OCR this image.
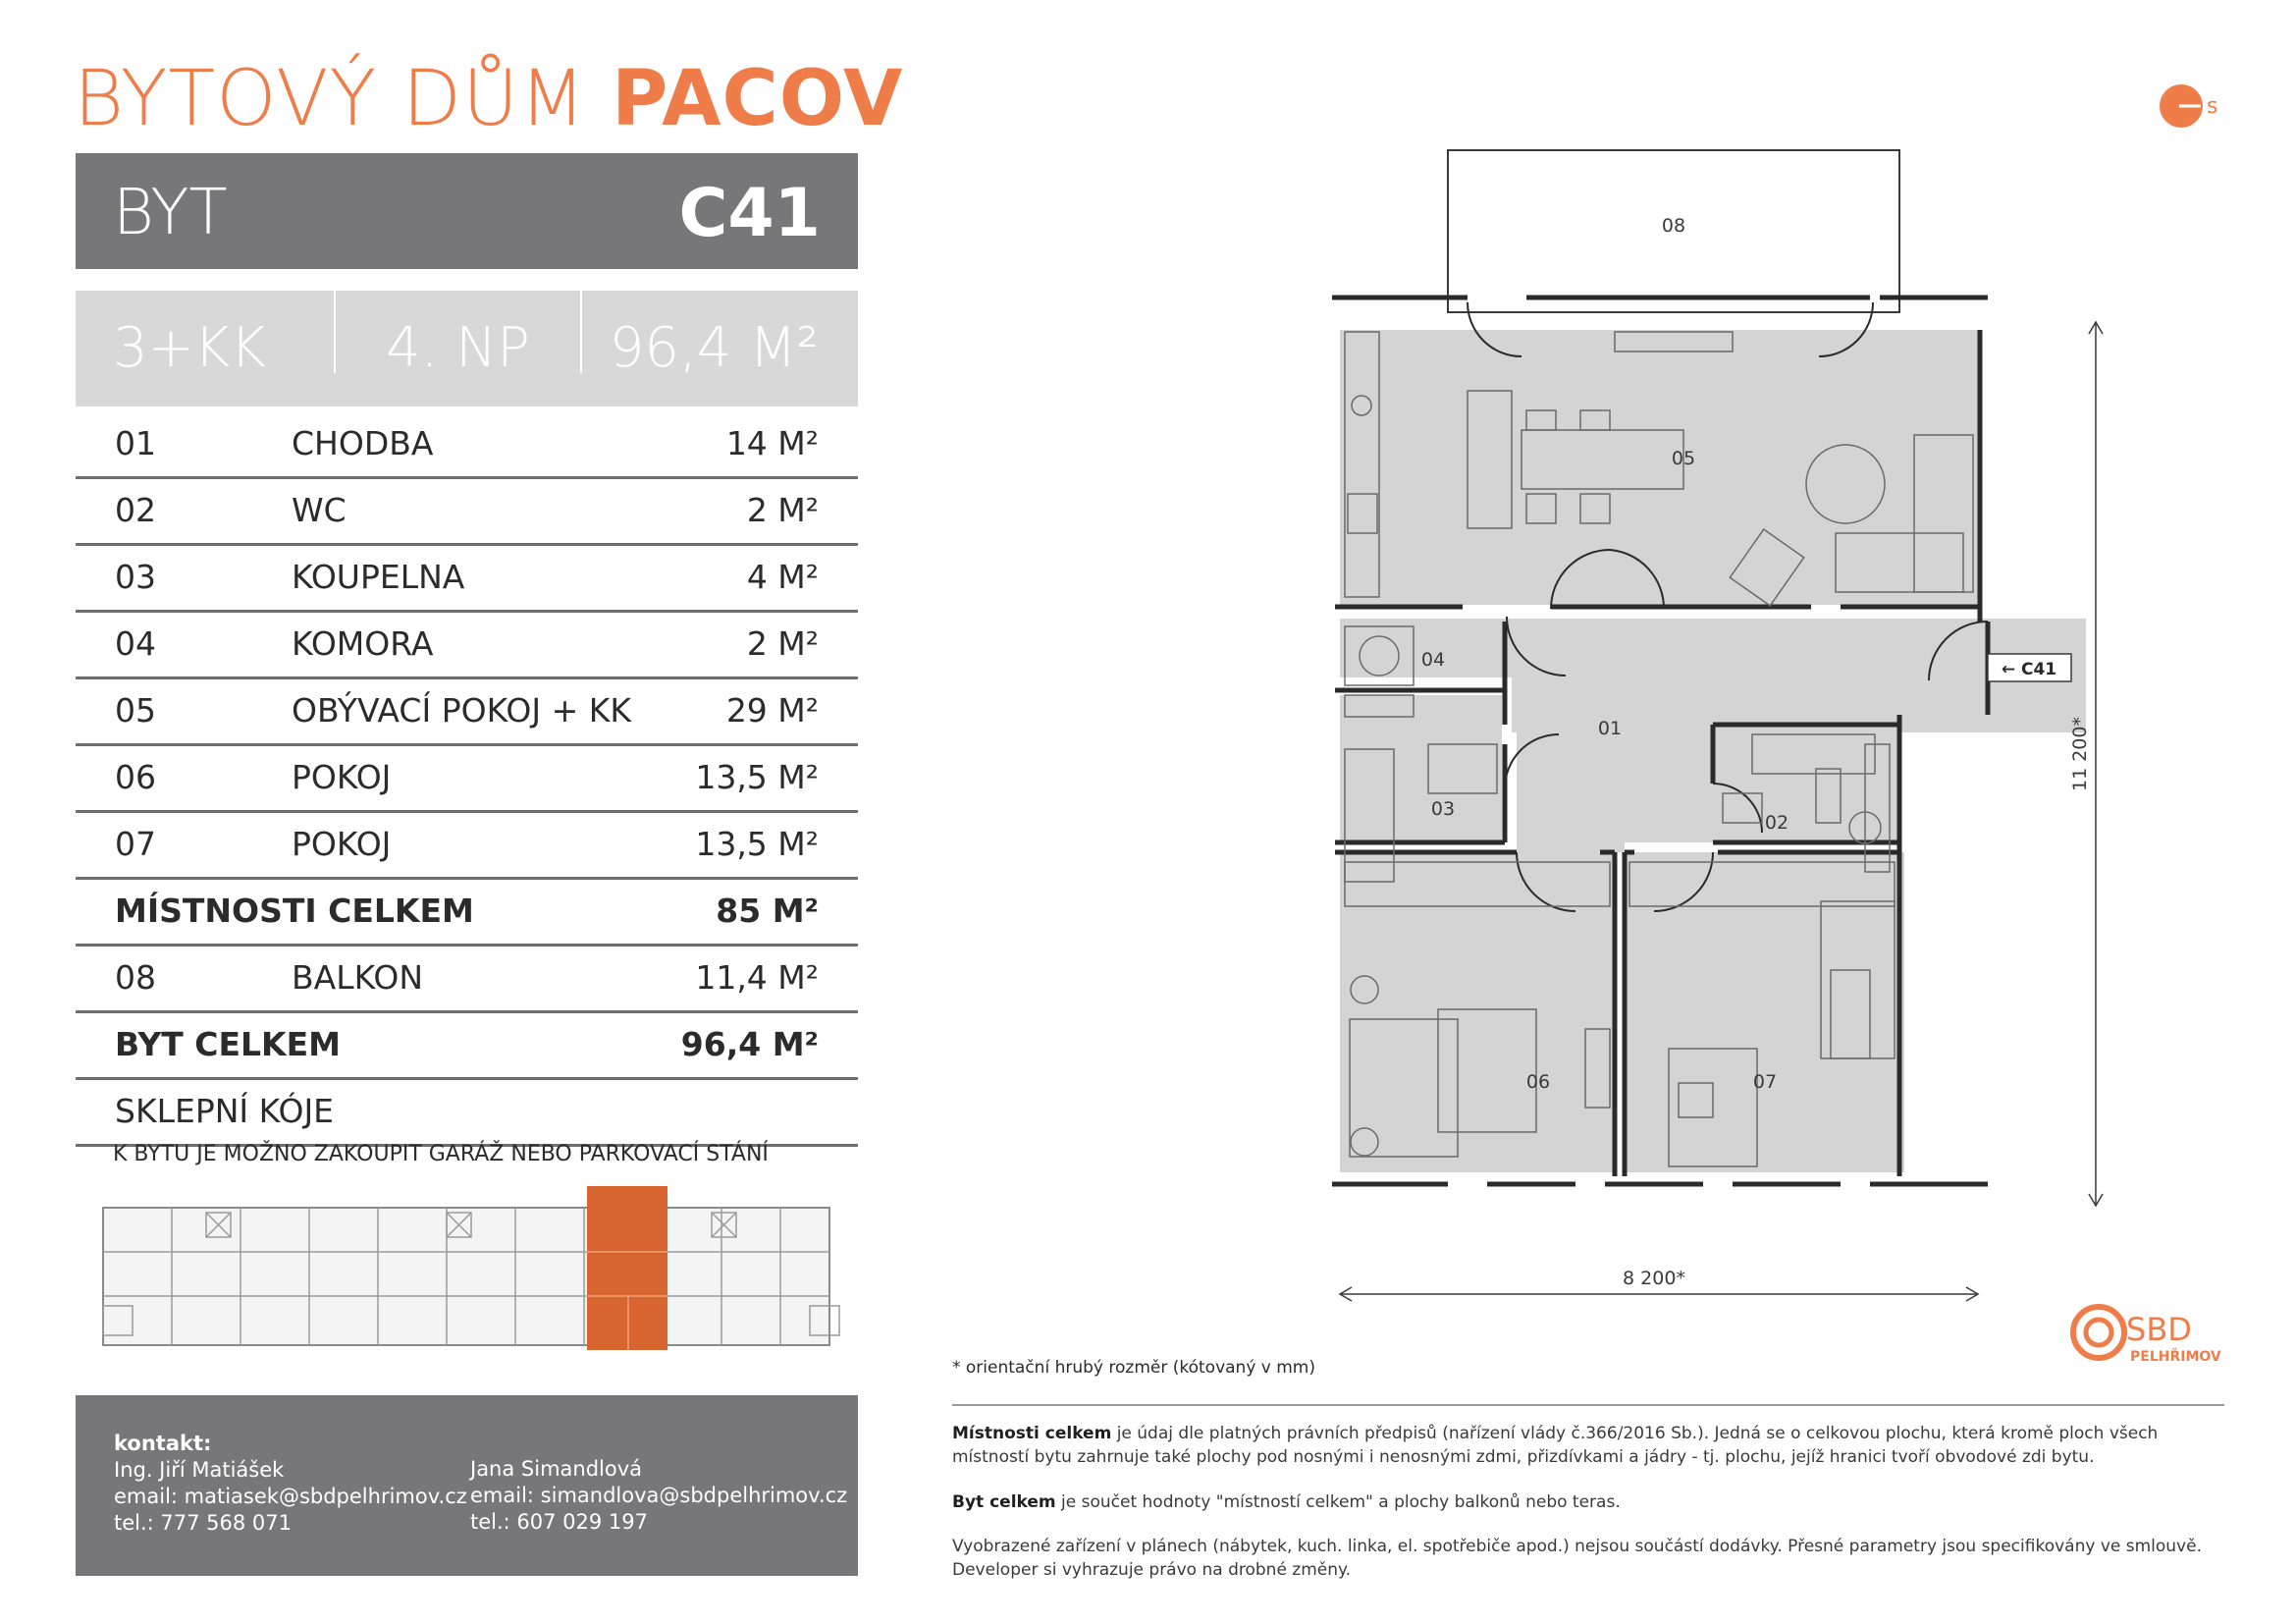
BYTOVÝ DŮM PACOV
BYT	C41
3+KK 4. NP 96,4 M²
01	CHODBA	14 M²
02	WC	2 M²
03	KOUPELNA	4 M²
04	KOMORA	2 M²
05	OBÝVACÍ POKOJ + KK	29 M²
06	POKOJ	13,5 M²
07	POKOJ	13,5 M²
MÍSTNOSTI CELKEM	85 M²
08	BALKON	11,4 M²
BYT CELKEM	96,4 M²
SKLEPNÍ KÓJE
K BYTU JE MOŽNO ZAKOUPIT GARÁŽ NEBO PARKOVACÍ STÁNÍ
kontakt:
Ing. Jiří Matiášek
email: matiasek@sbdpelhrimov.cz
tel.: 777 568 071
Jana Simandlová
email: simandlova@sbdpelhrimov.cz
tel.: 607 029 197
s
08
05
04
01
03
02
06	07
← C41
8 200*
11 200*
SBD
PELHŘIMOV
* orientační hrubý rozměr (kótovaný v mm)
Místnosti celkem je údaj dle platných právních předpisů (nařízení vlády č.366/2016 Sb.). Jedná se o celkovou plochu, která kromě ploch všech místností bytu zahrnuje také plochy pod nosnými i nenosnými zdmi, přizdívkami a jádry - tj. plochu, jejíž hranici tvoří obvodové zdi bytu.
Byt celkem je součet hodnoty "místností celkem" a plochy balkonů nebo teras.
Vyobrazené zařízení v plánech (nábytek, kuch. linka, el. spotřebiče apod.) nejsou součástí dodávky. Přesné parametry jsou specifikovány ve smlouvě. Developer si vyhrazuje právo na drobné změny.
